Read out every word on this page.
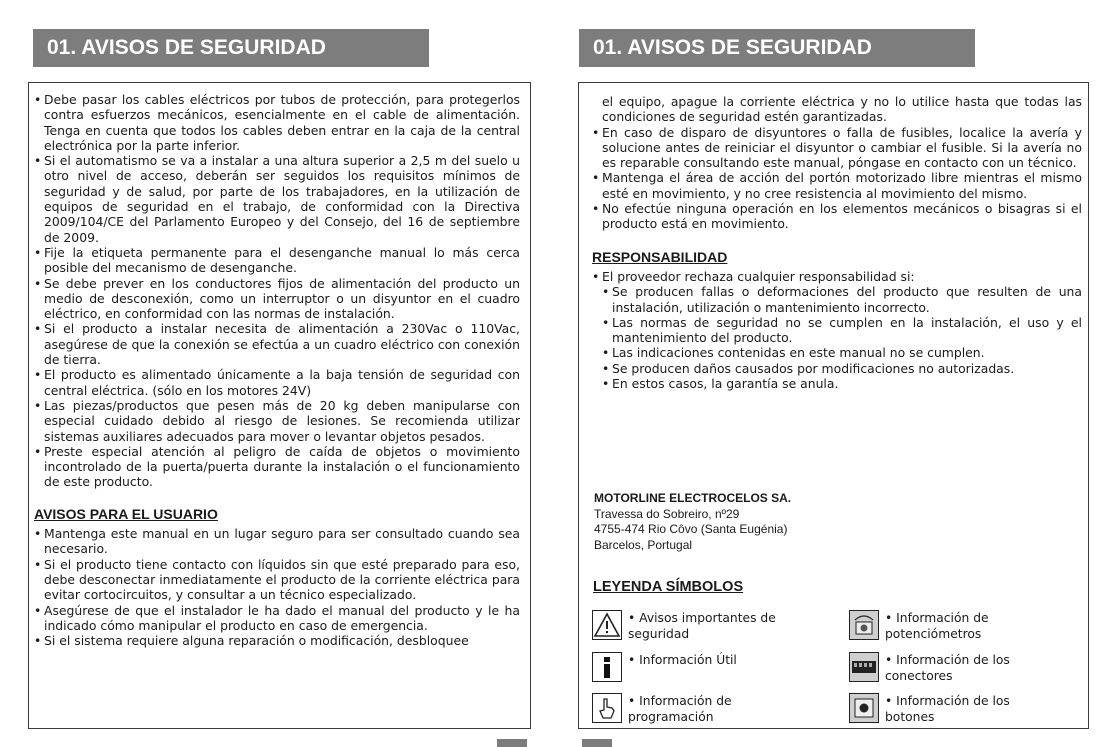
01. AVISOS DE SEGURIDAD
• Debe pasar los cables eléctricos por tubos de protección, para protegerlos contra esfuerzos mecánicos, esencialmente en el cable de alimentación. Tenga en cuenta que todos los cables deben entrar en la caja de la central electrónica por la parte inferior.
• Si el automatismo se va a instalar a una altura superior a 2,5 m del suelo u otro nivel de acceso, deberán ser seguidos los requisitos mínimos de seguridad y de salud, por parte de los trabajadores, en la utilización de equipos de seguridad en el trabajo, de conformidad con la Directiva 2009/104/CE del Parlamento Europeo y del Consejo, del 16 de septiembre de 2009.
• Fije la etiqueta permanente para el desenganche manual lo más cerca posible del mecanismo de desenganche.
• Se debe prever en los conductores fijos de alimentación del producto un medio de desconexión, como un interruptor o un disyuntor en el cuadro eléctrico, en conformidad con las normas de instalación.
• Si el producto a instalar necesita de alimentación a 230Vac o 110Vac, asegúrese de que la conexión se efectúa a un cuadro eléctrico con conexión de tierra.
• El producto es alimentado únicamente a la baja tensión de seguridad con central eléctrica. (sólo en los motores 24V)
• Las piezas/productos que pesen más de 20 kg deben manipularse con especial cuidado debido al riesgo de lesiones. Se recomienda utilizar sistemas auxiliares adecuados para mover o levantar objetos pesados.
• Preste especial atención al peligro de caída de objetos o movimiento incontrolado de la puerta/puerta durante la instalación o el funcionamiento de este producto.

AVISOS PARA EL USUARIO

• Mantenga este manual en un lugar seguro para ser consultado cuando sea necesario.
• Si el producto tiene contacto con líquidos sin que esté preparado para eso, debe desconectar inmediatamente el producto de la corriente eléctrica para evitar cortocircuitos, y consultar a un técnico especializado.
• Asegúrese de que el instalador le ha dado el manual del producto y le ha indicado cómo manipular el producto en caso de emergencia.
• Si el sistema requiere alguna reparación o modificación, desbloquee
01. AVISOS DE SEGURIDAD
el equipo, apague la corriente eléctrica y no lo utilice hasta que todas las condiciones de seguridad estén garantizadas.
• En caso de disparo de disyuntores o falla de fusibles, localice la avería y solucione antes de reiniciar el disyuntor o cambiar el fusible. Si la avería no es reparable consultando este manual, póngase en contacto con un técnico.
• Mantenga el área de acción del portón motorizado libre mientras el mismo esté en movimiento, y no cree resistencia al movimiento del mismo.
• No efectúe ninguna operación en los elementos mecánicos o bisagras si el producto está en movimiento.

RESPONSABILIDAD

• El proveedor rechaza cualquier responsabilidad si:
• Se producen fallas o deformaciones del producto que resulten de una instalación, utilización o mantenimiento incorrecto.
• Las normas de seguridad no se cumplen en la instalación, el uso y el mantenimiento del producto.
• Las indicaciones contenidas en este manual no se cumplen.
• Se producen daños causados por modificaciones no autorizadas.
• En estos casos, la garantía se anula.
MOTORLINE ELECTROCELOS SA.
Travessa do Sobreiro, nº29
4755-474 Rio Côvo (Santa Eugénia)
Barcelos, Portugal

LEYENDA SÍMBOLOS

• Avisos importantes de seguridad
• Información Útil
• Información de programación
• Información de potenciómetros
• Información de los conectores
• Información de los botones
